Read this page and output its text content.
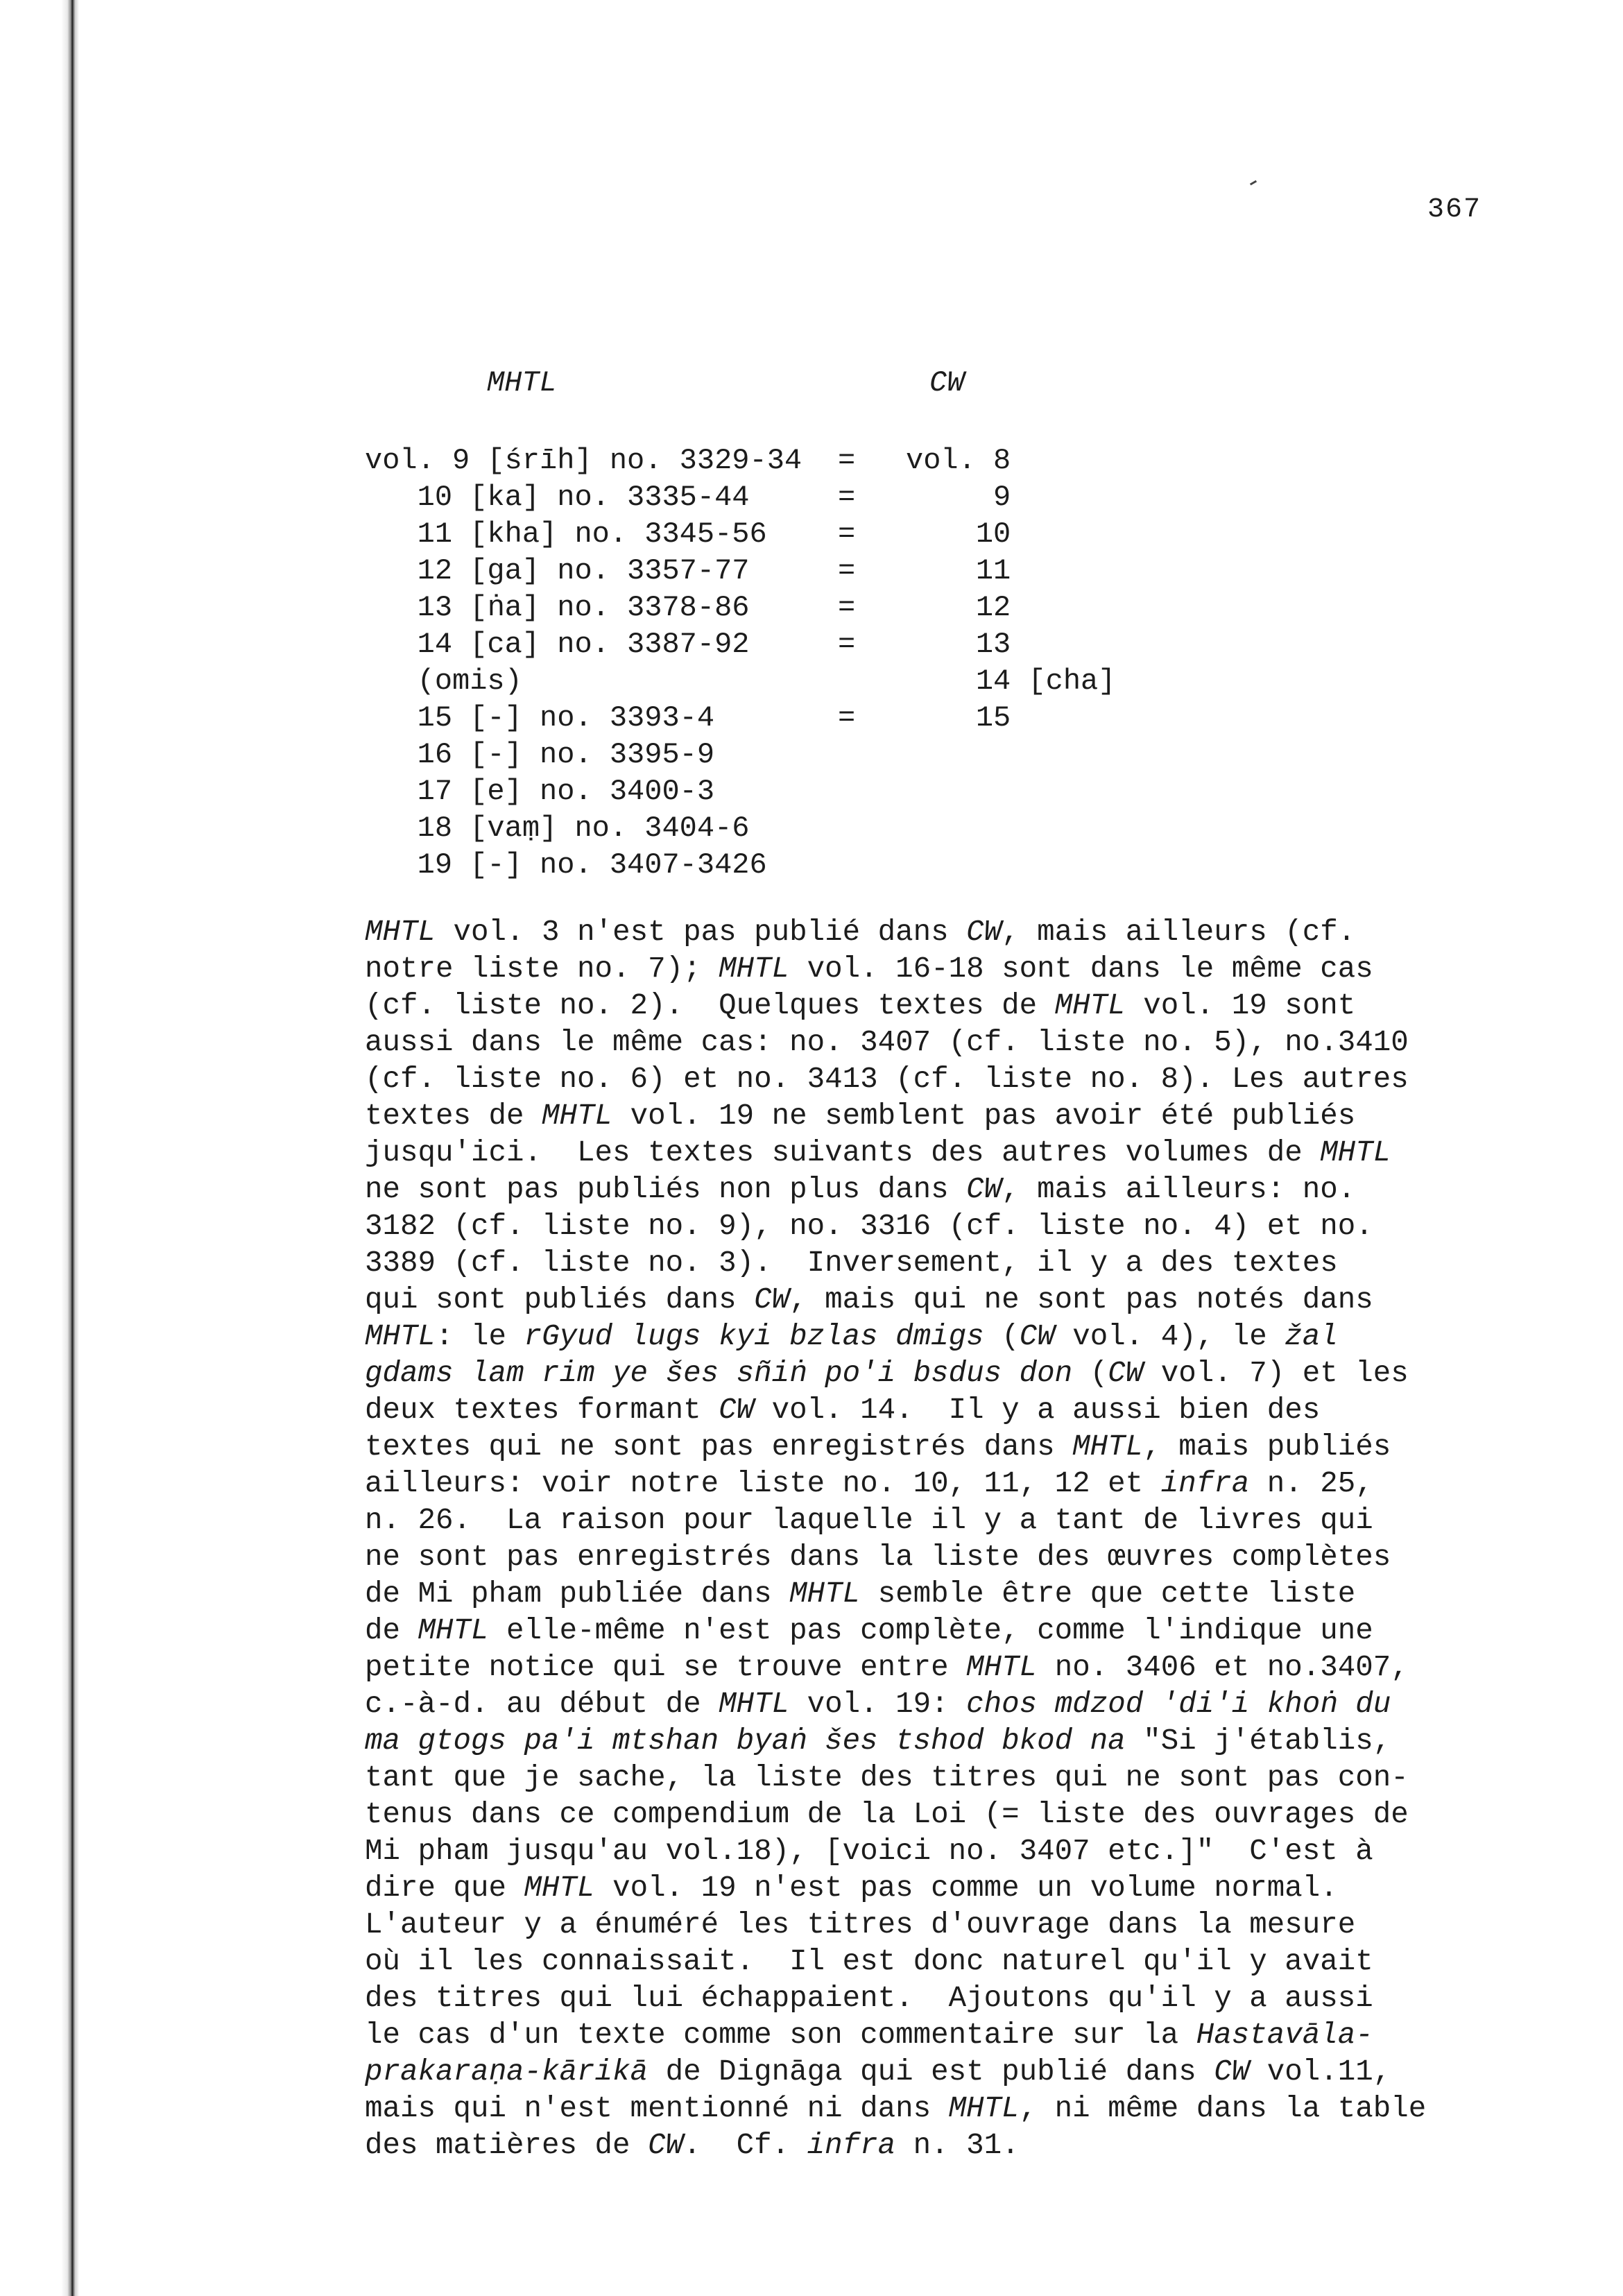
367
MHTL	CW
vol. 9 [śrīh] no. 3329-34 = vol. 8
10 [ka] no. 3335-44	= 9
11 [kha] no. 3345-56 = 10
12 [ga] no. 3357-77	= 11
13 [ṅa] no. 3378-86	= 12
14 [ca] no. 3387-92	= 13
(omis)	14 [cha]
15 [-] no. 3393-4	= 15
16 [-] no. 3395-9
17 [e] no. 3400-3
18 [vaṃ] no. 3404-6
19 [-] no. 3407-3426
MHTL vol. 3 n'est pas publié dans CW, mais ailleurs (cf.
notre liste no. 7); MHTL vol. 16-18 sont dans le même cas
(cf. liste no. 2).  Quelques textes de MHTL vol. 19 sont
aussi dans le même cas: no. 3407 (cf. liste no. 5), no.3410
(cf. liste no. 6) et no. 3413 (cf. liste no. 8). Les autres
textes de MHTL vol. 19 ne semblent pas avoir été publiés
jusqu'ici.  Les textes suivants des autres volumes de MHTL
ne sont pas publiés non plus dans CW, mais ailleurs: no.
3182 (cf. liste no. 9), no. 3316 (cf. liste no. 4) et no.
3389 (cf. liste no. 3).  Inversement, il y a des textes
qui sont publiés dans CW, mais qui ne sont pas notés dans
MHTL: le rGyud lugs kyi bzlas dmigs (CW vol. 4), le žal
gdams lam rim ye šes sñiṅ po'i bsdus don (CW vol. 7) et les
deux textes formant CW vol. 14.  Il y a aussi bien des
textes qui ne sont pas enregistrés dans MHTL, mais publiés
ailleurs: voir notre liste no. 10, 11, 12 et infra n. 25,
n. 26.  La raison pour laquelle il y a tant de livres qui
ne sont pas enregistrés dans la liste des œuvres complètes
de Mi pham publiée dans MHTL semble être que cette liste
de MHTL elle-même n'est pas complète, comme l'indique une
petite notice qui se trouve entre MHTL no. 3406 et no.3407,
c.-à-d. au début de MHTL vol. 19: chos mdzod 'di'i khoṅ du
ma gtogs pa'i mtshan byaṅ šes tshod bkod na "Si j'établis,
tant que je sache, la liste des titres qui ne sont pas con-
tenus dans ce compendium de la Loi (= liste des ouvrages de
Mi pham jusqu'au vol.18), [voici no. 3407 etc.]"  C'est à
dire que MHTL vol. 19 n'est pas comme un volume normal.
L'auteur y a énuméré les titres d'ouvrage dans la mesure
où il les connaissait.  Il est donc naturel qu'il y avait
des titres qui lui échappaient.  Ajoutons qu'il y a aussi
le cas d'un texte comme son commentaire sur la Hastavāla-
prakaraṇa-kārikā de Dignāga qui est publié dans CW vol.11,
mais qui n'est mentionné ni dans MHTL, ni même dans la table
des matières de CW.  Cf. infra n. 31.
